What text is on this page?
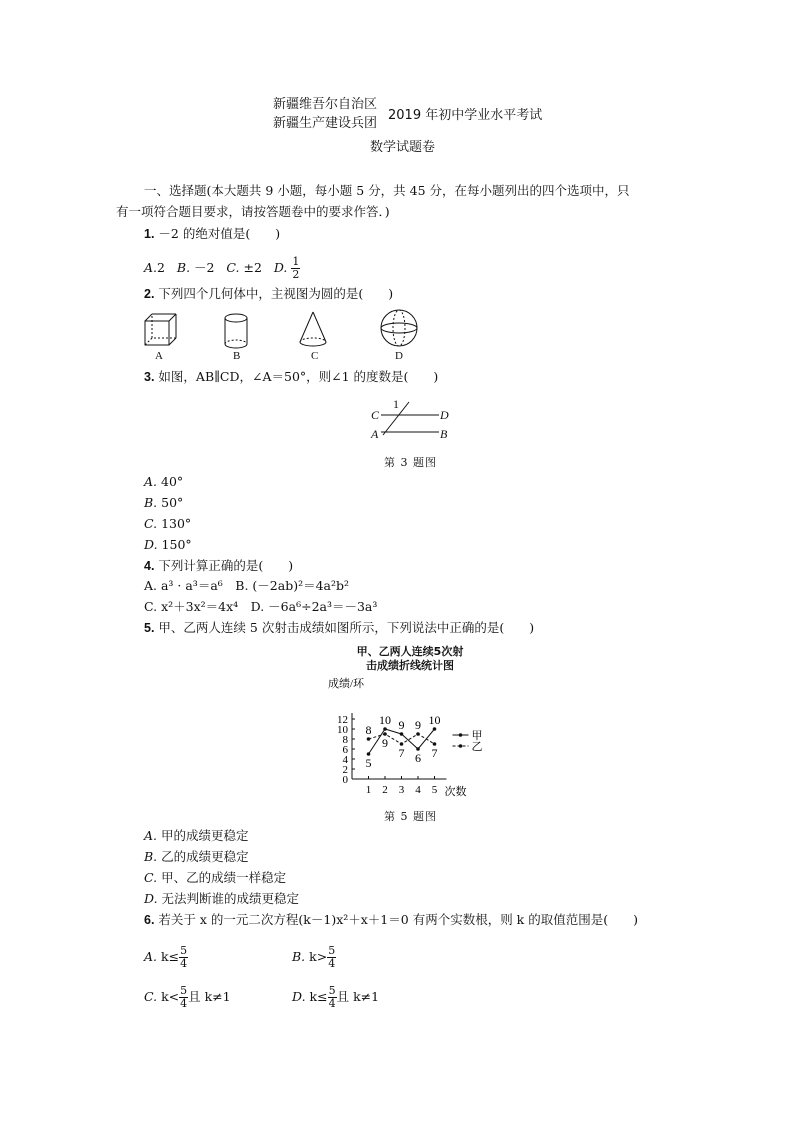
新疆维吾尔自治区
新疆生产建设兵团
2019 年初中学业水平考试
数学试题卷
一、选择题(本大题共 9 小题，每小题 5 分，共 45 分，在每小题列出的四个选项中，只
有一项符合题目要求，请按答题卷中的要求作答．)
1. －2 的绝对值是(　　)
A.2 B. －2 C. ±2 D. $\frac{1}{2}$
2. 下列四个几何体中，主视图为圆的是(　　)
A	B	C	D
3. 如图，AB∥CD，∠A＝50°，则∠1 的度数是(　　)
C	D
A	B
1
第 3 题图
A. 40°
B. 50°
C. 130°
D. 150°
4. 下列计算正确的是(　　)
A. a³ · a³＝a⁶　B. (－2ab)²＝4a²b²
C. x²＋3x²＝4x⁴　D. －6a⁶÷2a³＝－3a³
5. 甲、乙两人连续 5 次射击成绩如图所示，下列说法中正确的是(　　)
甲、乙两人连续5次射
击成绩折线统计图
成绩/环
0
2
4
6
8
10
12
1 2 3 4 5 次数
5
10 9
6
10
甲
8
9
7
9
7	乙
第 5 题图
A. 甲的成绩更稳定
B. 乙的成绩更稳定
C. 甲、乙的成绩一样稳定
D. 无法判断谁的成绩更稳定
6. 若关于 x 的一元二次方程(k－1)x²＋x＋1＝0 有两个实数根，则 k 的取值范围是(　　)
A. $k\le \frac{5}{4}$	B. $k> \frac{5}{4}$
C. $k< \frac{5}{4}$ 且 k≠1	D. $k\le \frac{5}{4}$ 且 k≠1
